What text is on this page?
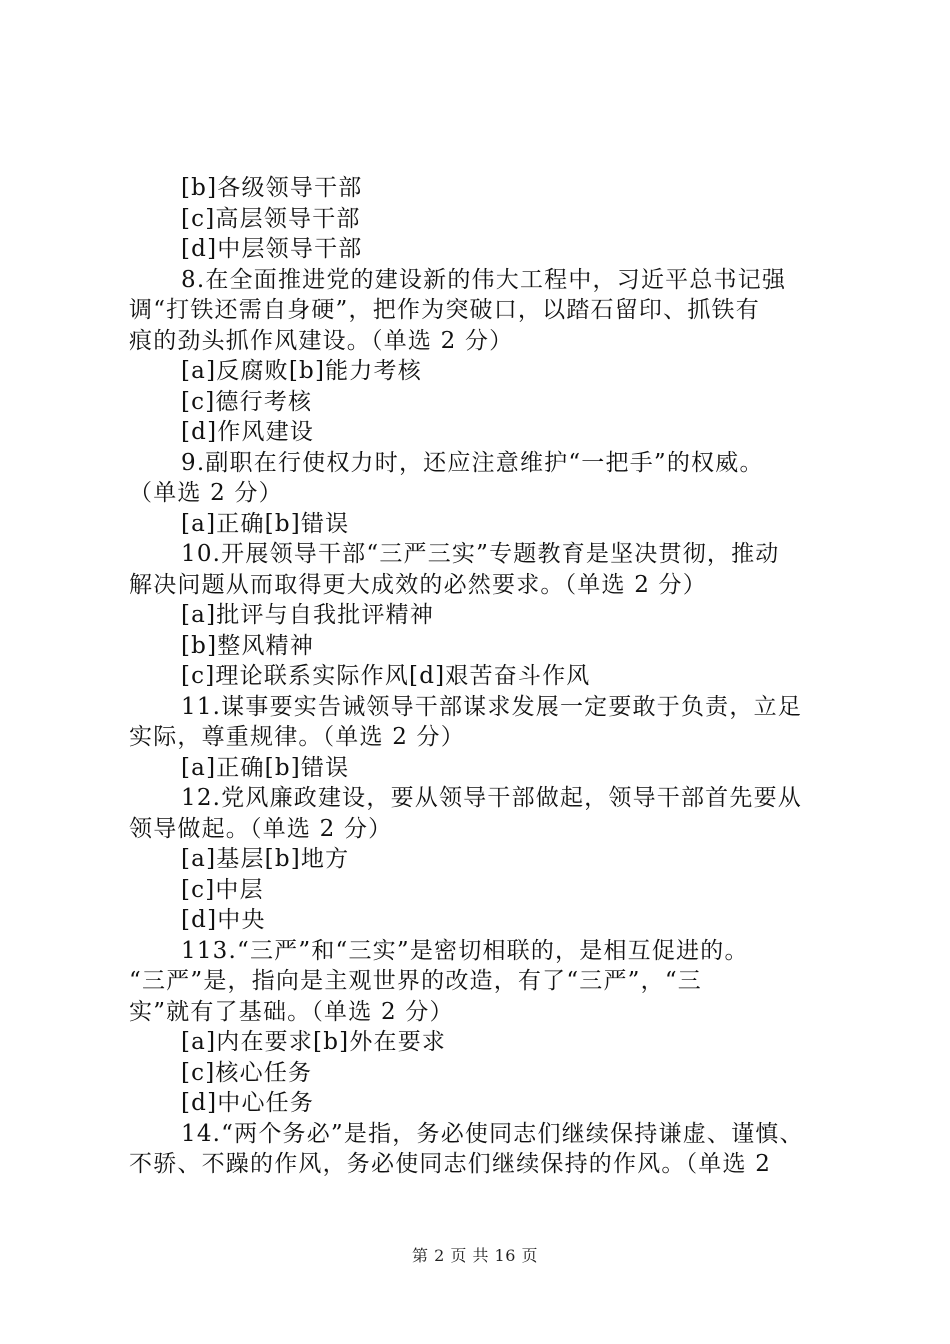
[b]各级领导干部
[c]高层领导干部
[d]中层领导干部
8.在全面推进党的建设新的伟大工程中，习近平总书记强
调“打铁还需自身硬”，把作为突破口，以踏石留印、抓铁有
痕的劲头抓作风建设。（单选 2 分）
[a]反腐败[b]能力考核
[c]德行考核
[d]作风建设
9.副职在行使权力时，还应注意维护“一把手”的权威。
（单选 2 分）
[a]正确[b]错误
10.开展领导干部“三严三实”专题教育是坚决贯彻，推动
解决问题从而取得更大成效的必然要求。（单选 2 分）
[a]批评与自我批评精神
[b]整风精神
[c]理论联系实际作风[d]艰苦奋斗作风
11.谋事要实告诫领导干部谋求发展一定要敢于负责，立足
实际，尊重规律。（单选 2 分）
[a]正确[b]错误
12.党风廉政建设，要从领导干部做起，领导干部首先要从
领导做起。（单选 2 分）
[a]基层[b]地方
[c]中层
[d]中央
113.“三严”和“三实”是密切相联的，是相互促进的。
“三严”是，指向是主观世界的改造，有了“三严”，“三
实”就有了基础。（单选 2 分）
[a]内在要求[b]外在要求
[c]核心任务
[d]中心任务
14.“两个务必”是指，务必使同志们继续保持谦虚、谨慎、
不骄、不躁的作风，务必使同志们继续保持的作风。（单选 2
第 2 页 共 16 页
